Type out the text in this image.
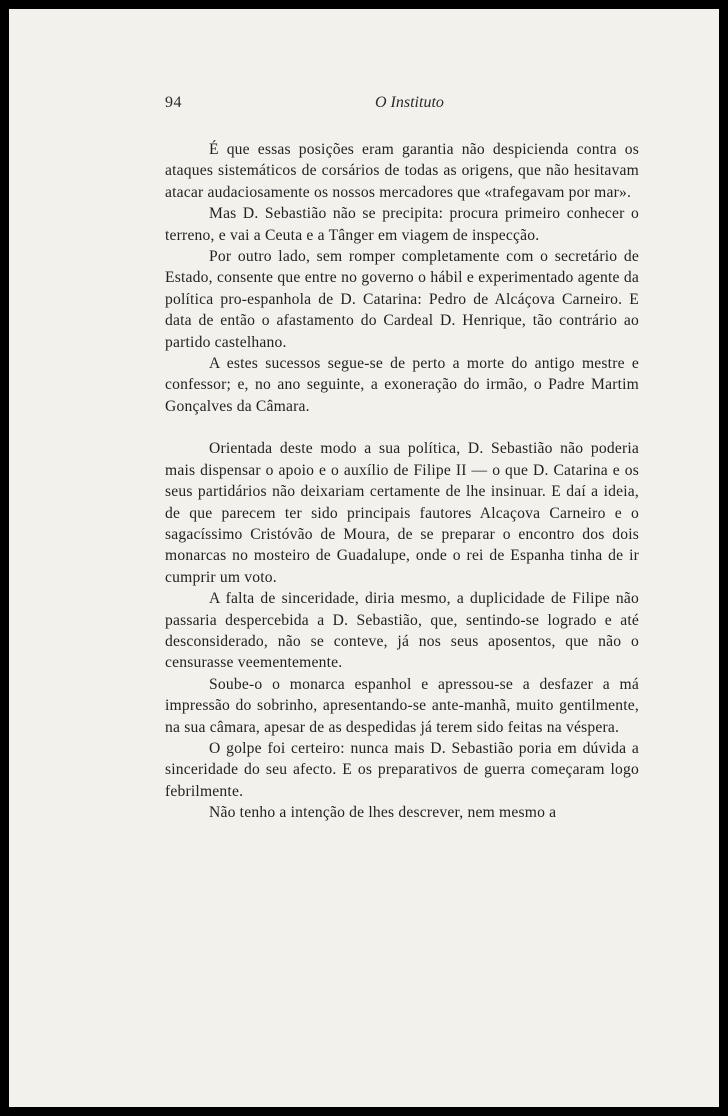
94	O Instituto

É que essas posições eram garantia não despicienda contra os ataques sistemáticos de corsários de todas as origens, que não hesitavam atacar audaciosamente os nossos mercadores que «trafegavam por mar».

Mas D. Sebastião não se precipita: procura primeiro conhecer o terreno, e vai a Ceuta e a Tânger em viagem de inspecção.

Por outro lado, sem romper completamente com o secretário de Estado, consente que entre no governo o hábil e experimentado agente da política pro-espanhola de D. Catarina: Pedro de Alcáçova Carneiro. E data de então o afastamento do Cardeal D. Henrique, tão contrário ao partido castelhano.

A estes sucessos segue-se de perto a morte do antigo mestre e confessor; e, no ano seguinte, a exoneração do irmão, o Padre Martim Gonçalves da Câmara.

Orientada deste modo a sua política, D. Sebastião não poderia mais dispensar o apoio e o auxílio de Filipe II — o que D. Catarina e os seus partidários não deixariam certamente de lhe insinuar. E daí a ideia, de que parecem ter sido principais fautores Alcaçova Carneiro e o sagacíssimo Cristóvão de Moura, de se preparar o encontro dos dois monarcas no mosteiro de Guadalupe, onde o rei de Espanha tinha de ir cumprir um voto.

A falta de sinceridade, diria mesmo, a duplicidade de Filipe não passaria despercebida a D. Sebastião, que, sentindo-se logrado e até desconsiderado, não se conteve, já nos seus aposentos, que não o censurasse veementemente.

Soube-o o monarca espanhol e apressou-se a desfazer a má impressão do sobrinho, apresentando-se ante-manhã, muito gentilmente, na sua câmara, apesar de as despedidas já terem sido feitas na véspera.

O golpe foi certeiro: nunca mais D. Sebastião poria em dúvida a sinceridade do seu afecto. E os preparativos de guerra começaram logo febrilmente.

Não tenho a intenção de lhes descrever, nem mesmo a
